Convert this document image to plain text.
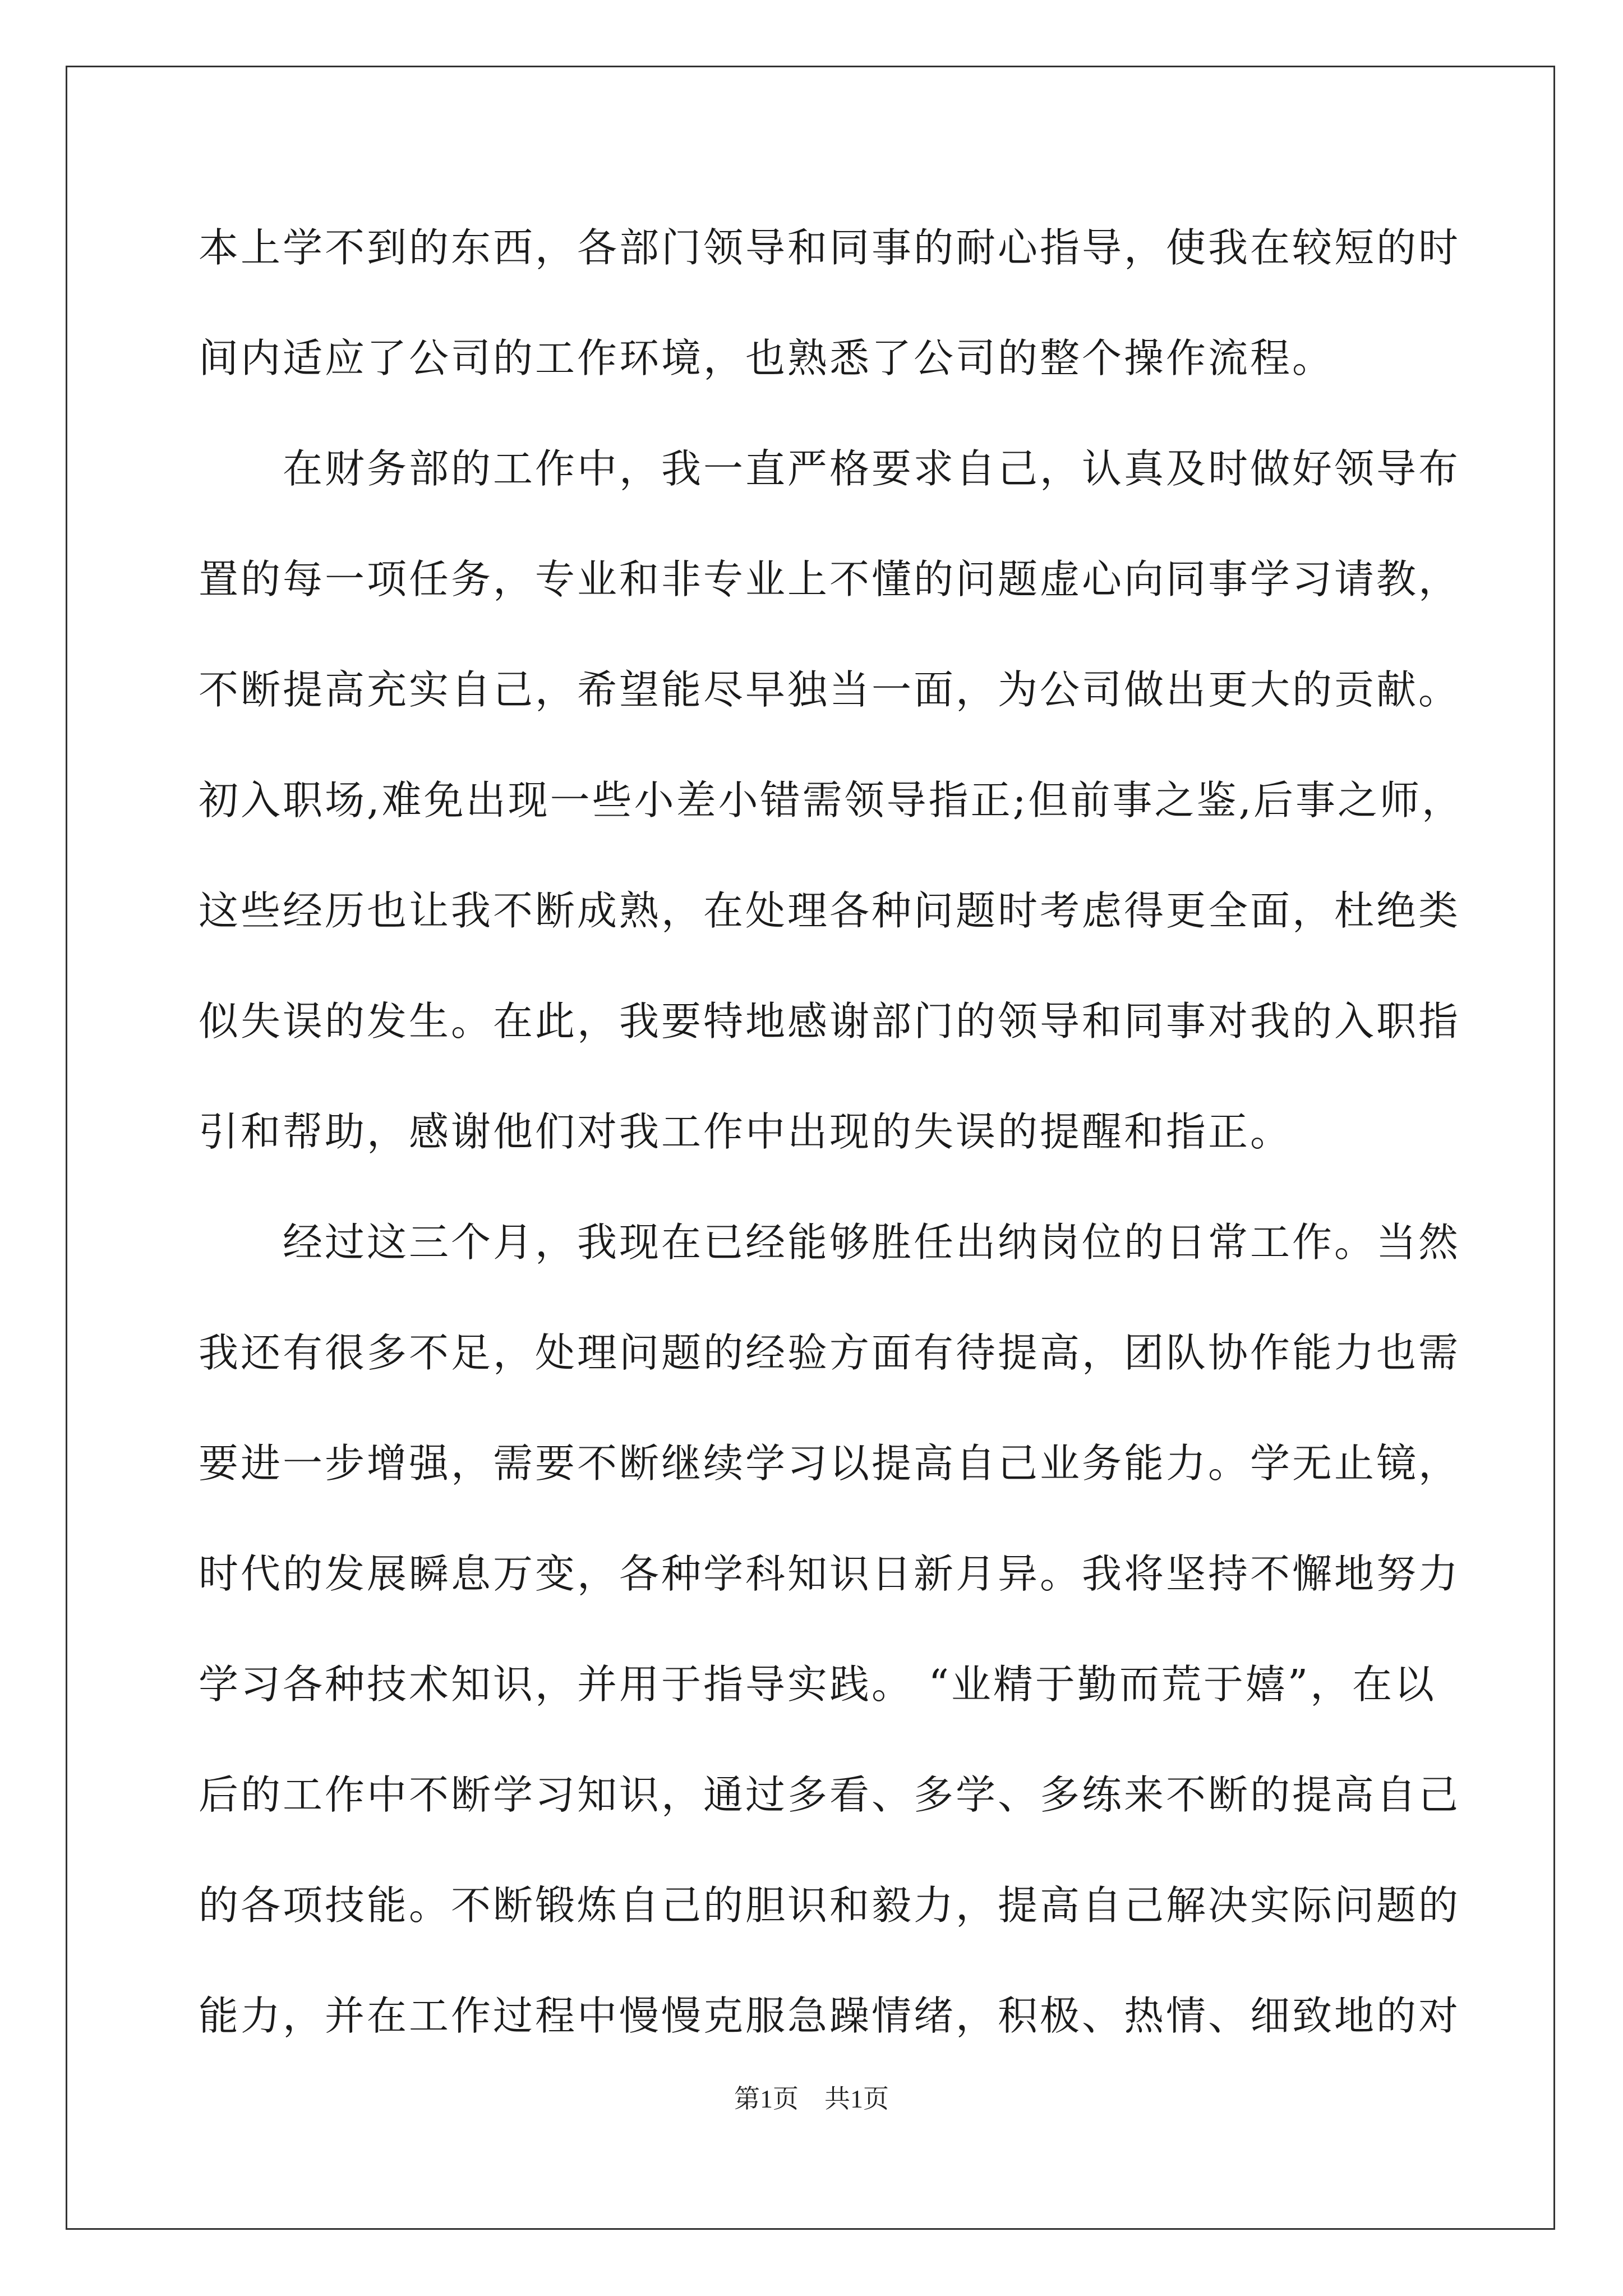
本上学不到的东西，各部门领导和同事的耐心指导，使我在较短的时
间内适应了公司的工作环境，也熟悉了公司的整个操作流程。
在财务部的工作中，我一直严格要求自己，认真及时做好领导布
置的每一项任务，专业和非专业上不懂的问题虚心向同事学习请教，
不断提高充实自己，希望能尽早独当一面，为公司做出更大的贡献。
初入职场,难免出现一些小差小错需领导指正;但前事之鉴,后事之师，
这些经历也让我不断成熟，在处理各种问题时考虑得更全面，杜绝类
似失误的发生。在此，我要特地感谢部门的领导和同事对我的入职指
引和帮助，感谢他们对我工作中出现的失误的提醒和指正。
经过这三个月，我现在已经能够胜任出纳岗位的日常工作。当然
我还有很多不足，处理问题的经验方面有待提高，团队协作能力也需
要进一步增强，需要不断继续学习以提高自己业务能力。学无止镜，
时代的发展瞬息万变，各种学科知识日新月异。我将坚持不懈地努力
学习各种技术知识，并用于指导实践。 “业精于勤而荒于嬉”，在以
后的工作中不断学习知识，通过多看、多学、多练来不断的提高自己
的各项技能。不断锻炼自己的胆识和毅力，提高自己解决实际问题的
能力，并在工作过程中慢慢克服急躁情绪，积极、热情、细致地的对
第1页　共1页
